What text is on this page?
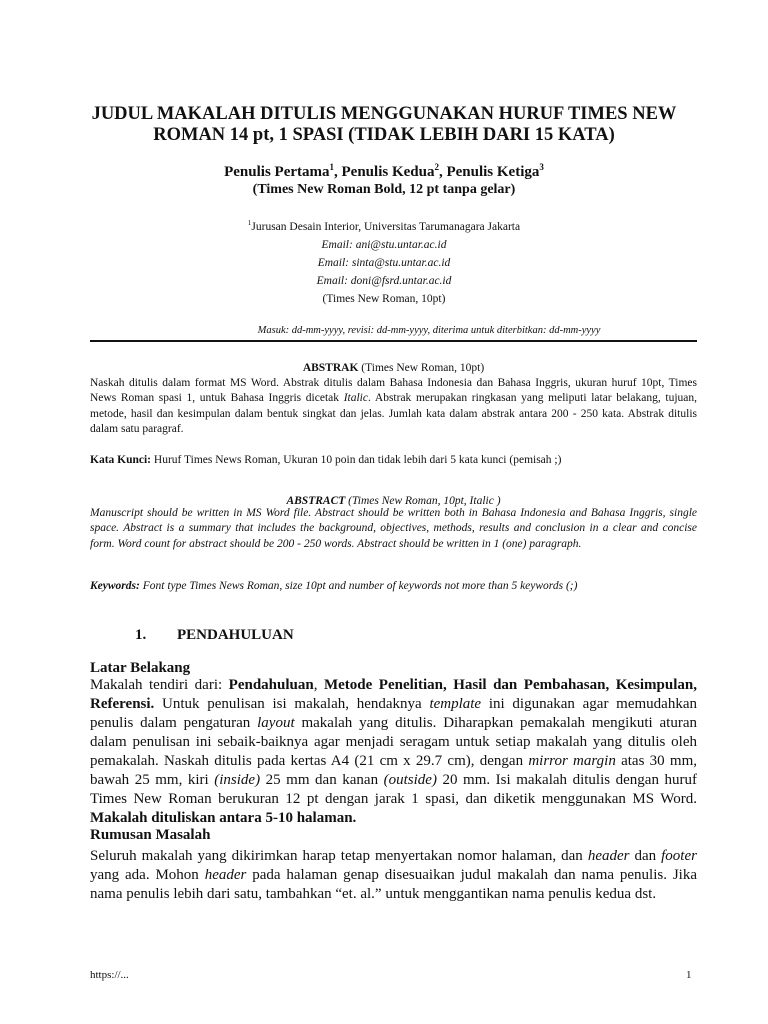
JUDUL MAKALAH DITULIS MENGGUNAKAN HURUF TIMES NEW ROMAN 14 pt, 1 SPASI (TIDAK LEBIH DARI 15 KATA)
Penulis Pertama$^1$, Penulis Kedua$^2$, Penulis Ketiga$^3$
(Times New Roman Bold, 12 pt tanpa gelar)
$^1$Jurusan Desain Interior, Universitas Tarumanagara Jakarta
Email: ani@stu.untar.ac.id
Email: sinta@stu.untar.ac.id
Email: doni@fsrd.untar.ac.id
(Times New Roman, 10pt)
Masuk: dd-mm-yyyy, revisi: dd-mm-yyyy, diterima untuk diterbitkan: dd-mm-yyyy
ABSTRAK (Times New Roman, 10pt)
Naskah ditulis dalam format MS Word. Abstrak ditulis dalam Bahasa Indonesia dan Bahasa Inggris, ukuran huruf 10pt, Times News Roman spasi 1, untuk Bahasa Inggris dicetak Italic. Abstrak merupakan ringkasan yang meliputi latar belakang, tujuan, metode, hasil dan kesimpulan dalam bentuk singkat dan jelas. Jumlah kata dalam abstrak antara 200 - 250 kata. Abstrak ditulis dalam satu paragraf.
Kata Kunci: Huruf Times News Roman, Ukuran 10 poin dan tidak lebih dari 5 kata kunci (pemisah ;)
ABSTRACT (Times New Roman, 10pt, Italic )
Manuscript should be written in MS Word file. Abstract should be written both in Bahasa Indonesia and Bahasa Inggris, single space. Abstract is a summary that includes the background, objectives, methods, results and conclusion in a clear and concise form. Word count for abstract should be 200 - 250 words. Abstract should be written in 1 (one) paragraph.
Keywords: Font type Times News Roman, size 10pt and number of keywords not more than 5 keywords (;)
1. PENDAHULUAN
Latar Belakang
Makalah tendiri dari: Pendahuluan, Metode Penelitian, Hasil dan Pembahasan, Kesimpulan, Referensi. Untuk penulisan isi makalah, hendaknya template ini digunakan agar memudahkan penulis dalam pengaturan layout makalah yang ditulis. Diharapkan pemakalah mengikuti aturan dalam penulisan ini sebaik-baiknya agar menjadi seragam untuk setiap makalah yang ditulis oleh pemakalah. Naskah ditulis pada kertas A4 (21 cm x 29.7 cm), dengan mirror margin atas 30 mm, bawah 25 mm, kiri (inside) 25 mm dan kanan (outside) 20 mm. Isi makalah ditulis dengan huruf Times New Roman berukuran 12 pt dengan jarak 1 spasi, dan diketik menggunakan MS Word. Makalah dituliskan antara 5-10 halaman.
Rumusan Masalah
Seluruh makalah yang dikirimkan harap tetap menyertakan nomor halaman, dan header dan footer yang ada. Mohon header pada halaman genap disesuaikan judul makalah dan nama penulis. Jika nama penulis lebih dari satu, tambahkan “et. al.” untuk menggantikan nama penulis kedua dst.
https://...	1
